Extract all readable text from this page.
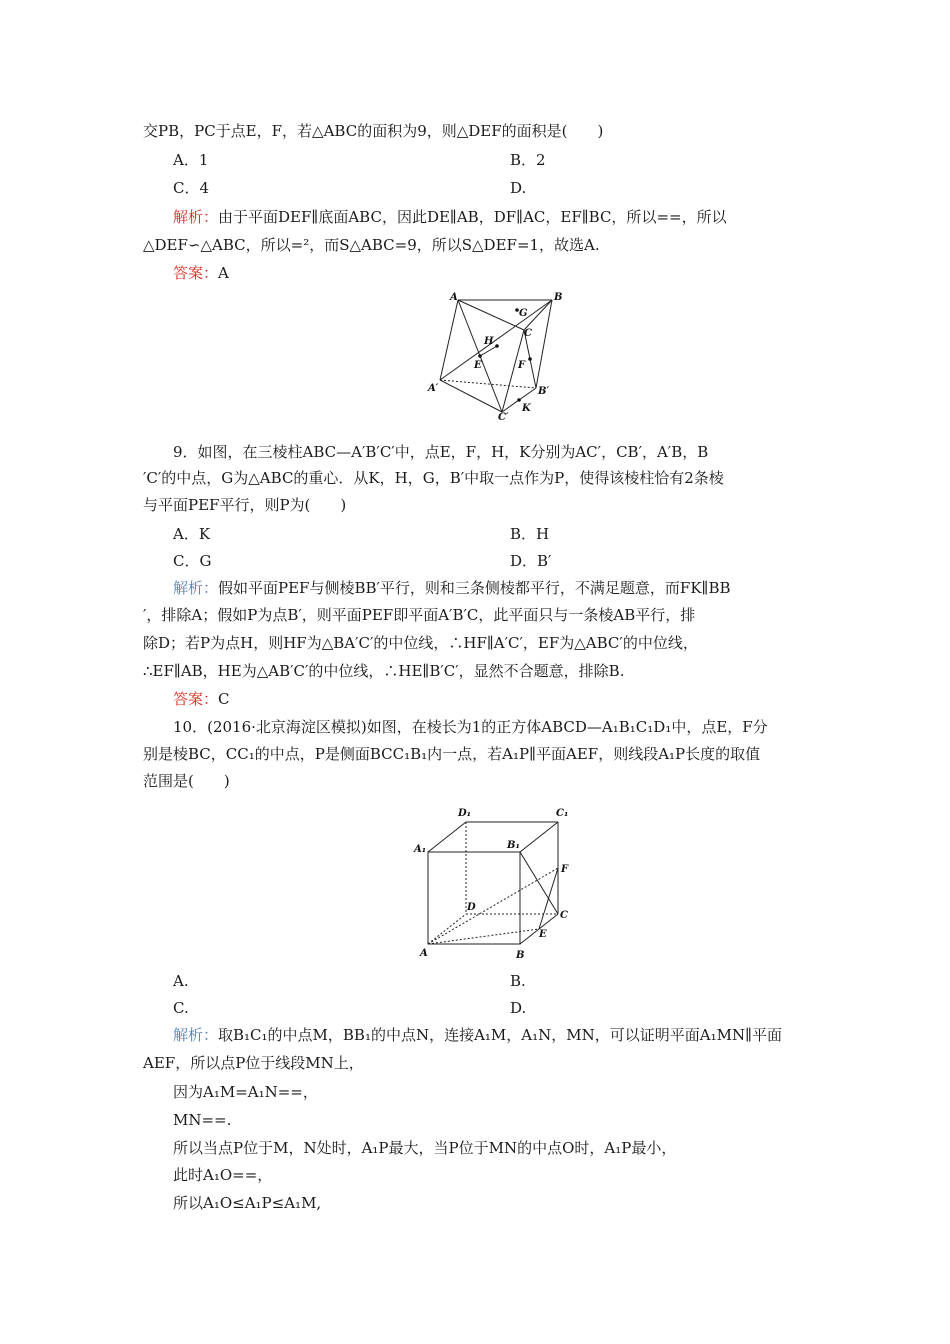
交PB，PC于点E，F，若△ABC的面积为9，则△DEF的面积是(　　)
A．1	B．2
C．4	D.
解析：由于平面DEF∥底面ABC，因此DE∥AB，DF∥AC，EF∥BC，所以==，所以
△DEF∽△ABC，所以=²，而S△ABC=9，所以S△DEF=1，故选A.
答案：A
A	B
G
C
H
E	F
A′	B′
C′
K
9．如图，在三棱柱ABC—A′B′C′中，点E，F，H，K分别为AC′，CB′，A′B，B
′C′的中点，G为△ABC的重心．从K，H，G，B′中取一点作为P，使得该棱柱恰有2条棱
与平面PEF平行，则P为(　　)
A．K	B．H
C．G	D．B′
解析：假如平面PEF与侧棱BB′平行，则和三条侧棱都平行，不满足题意，而FK∥BB
′，排除A；假如P为点B′，则平面PEF即平面A′B′C，此平面只与一条棱AB平行，排
除D；若P为点H，则HF为△BA′C′的中位线，∴HF∥A′C′，EF为△ABC′的中位线，
∴EF∥AB，HE为△AB′C′的中位线，∴HE∥B′C′，显然不合题意，排除B.
答案：C
10．(2016·北京海淀区模拟)如图，在棱长为1的正方体ABCD—A₁B₁C₁D₁中，点E，F分
别是棱BC，CC₁的中点，P是侧面BCC₁B₁内一点，若A₁P∥平面AEF，则线段A₁P长度的取值
范围是(　　)
D₁	C₁
A₁	B₁
F
D
C
E
A	B
A.	B.
C.	D.
解析：取B₁C₁的中点M，BB₁的中点N，连接A₁M，A₁N，MN，可以证明平面A₁MN∥平面
AEF，所以点P位于线段MN上，
因为A₁M=A₁N==，
MN==.
所以当点P位于M，N处时，A₁P最大，当P位于MN的中点O时，A₁P最小，
此时A₁O==，
所以A₁O≤A₁P≤A₁M,
